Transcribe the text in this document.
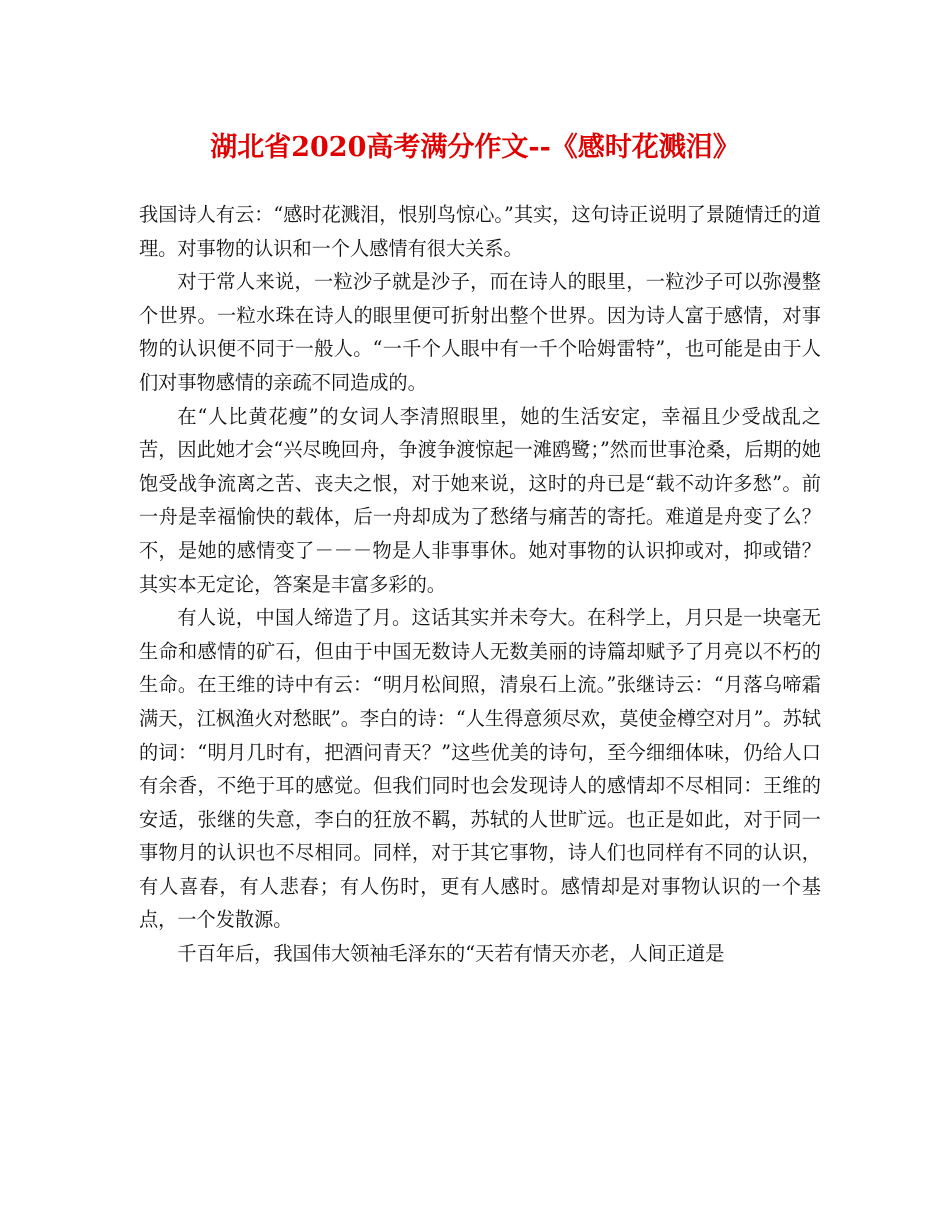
湖北省2020高考满分作文--《感时花溅泪》

我国诗人有云：“感时花溅泪，恨别鸟惊心。”其实，这句诗正说明了景随情迁的道理。对事物的认识和一个人感情有很大关系。

对于常人来说，一粒沙子就是沙子，而在诗人的眼里，一粒沙子可以弥漫整个世界。一粒水珠在诗人的眼里便可折射出整个世界。因为诗人富于感情，对事物的认识便不同于一般人。“一千个人眼中有一千个哈姆雷特”，也可能是由于人们对事物感情的亲疏不同造成的。

在“人比黄花瘦”的女词人李清照眼里，她的生活安定，幸福且少受战乱之苦，因此她才会“兴尽晚回舟，争渡争渡惊起一滩鸥鹭；”然而世事沧桑，后期的她饱受战争流离之苦、丧夫之恨，对于她来说，这时的舟已是“载不动许多愁”。前一舟是幸福愉快的载体，后一舟却成为了愁绪与痛苦的寄托。难道是舟变了么？不，是她的感情变了－－－物是人非事事休。她对事物的认识抑或对，抑或错？其实本无定论，答案是丰富多彩的。

有人说，中国人缔造了月。这话其实并未夸大。在科学上，月只是一块毫无生命和感情的矿石，但由于中国无数诗人无数美丽的诗篇却赋予了月亮以不朽的生命。在王维的诗中有云：“明月松间照，清泉石上流。”张继诗云：“月落乌啼霜满天，江枫渔火对愁眠”。李白的诗：“人生得意须尽欢，莫使金樽空对月”。苏轼的词：“明月几时有，把酒问青天？”这些优美的诗句，至今细细体味，仍给人口有余香，不绝于耳的感觉。但我们同时也会发现诗人的感情却不尽相同：王维的安适，张继的失意，李白的狂放不羁，苏轼的人世旷远。也正是如此，对于同一事物月的认识也不尽相同。同样，对于其它事物，诗人们也同样有不同的认识，有人喜春，有人悲春；有人伤时，更有人感时。感情却是对事物认识的一个基点，一个发散源。

千百年后，我国伟大领袖毛泽东的“天若有情天亦老，人间正道是
